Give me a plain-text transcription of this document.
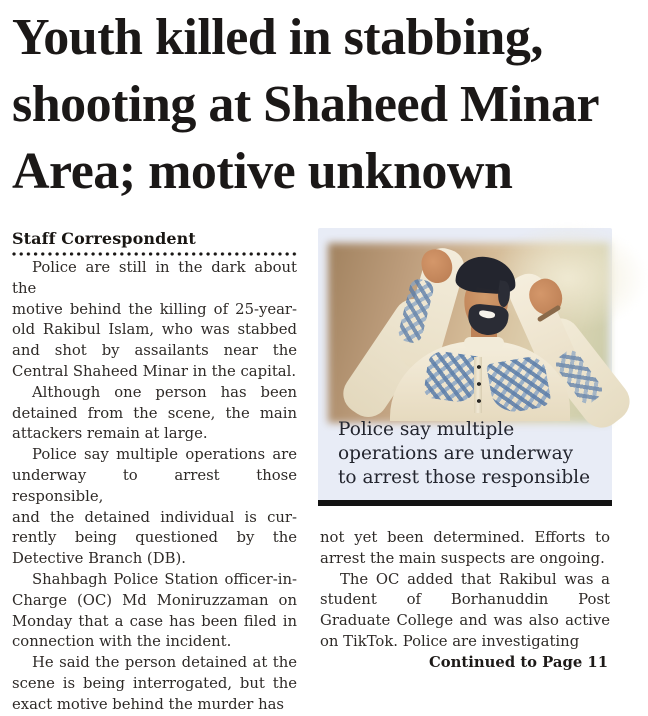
Youth killed in stabbing,
shooting at Shaheed Minar
Area; motive unknown
Staff Correspondent
Police are still in the dark about the
motive behind the killing of 25-year-
old Rakibul Islam, who was stabbed
and shot by assailants near the
Central Shaheed Minar in the capital.
Although one person has been
detained from the scene, the main
attackers remain at large.
Police say multiple operations are
underway to arrest those responsible,
and the detained individual is cur-
rently being questioned by the
Detective Branch (DB).
Shahbagh Police Station officer-in-
Charge (OC) Md Moniruzzaman on
Monday that a case has been filed in
connection with the incident.
He said the person detained at the
scene is being interrogated, but the
exact motive behind the murder has
Police say multiple
operations are underway
to arrest those responsible
not yet been determined. Efforts to
arrest the main suspects are ongoing.
The OC added that Rakibul was a
student of Borhanuddin Post
Graduate College and was also active
on TikTok. Police are investigating
Continued to Page 11
